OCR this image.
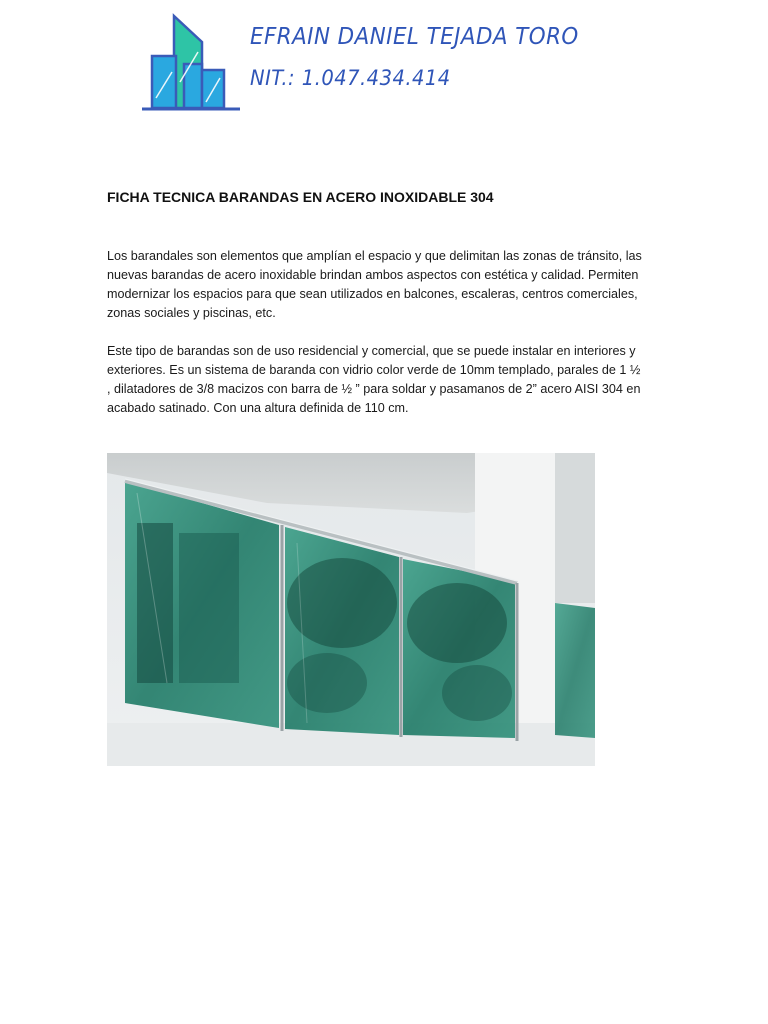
EFRAIN DANIEL TEJADA TORO
NIT.: 1.047.434.414
FICHA TECNICA BARANDAS EN ACERO INOXIDABLE 304

Los barandales son elementos que amplían el espacio y que delimitan las zonas de tránsito, las nuevas barandas de acero inoxidable brindan ambos aspectos con estética y calidad. Permiten modernizar los espacios para que sean utilizados en balcones, escaleras, centros comerciales, zonas sociales y piscinas, etc.

Este tipo de barandas son de uso residencial y comercial, que se puede instalar en interiores y exteriores. Es un sistema de baranda con vidrio color verde de 10mm templado, parales de 1 ½ , dilatadores de 3/8 macizos con barra de ½ ” para soldar y pasamanos de 2” acero AISI 304 en acabado satinado. Con una altura definida de 110 cm.
